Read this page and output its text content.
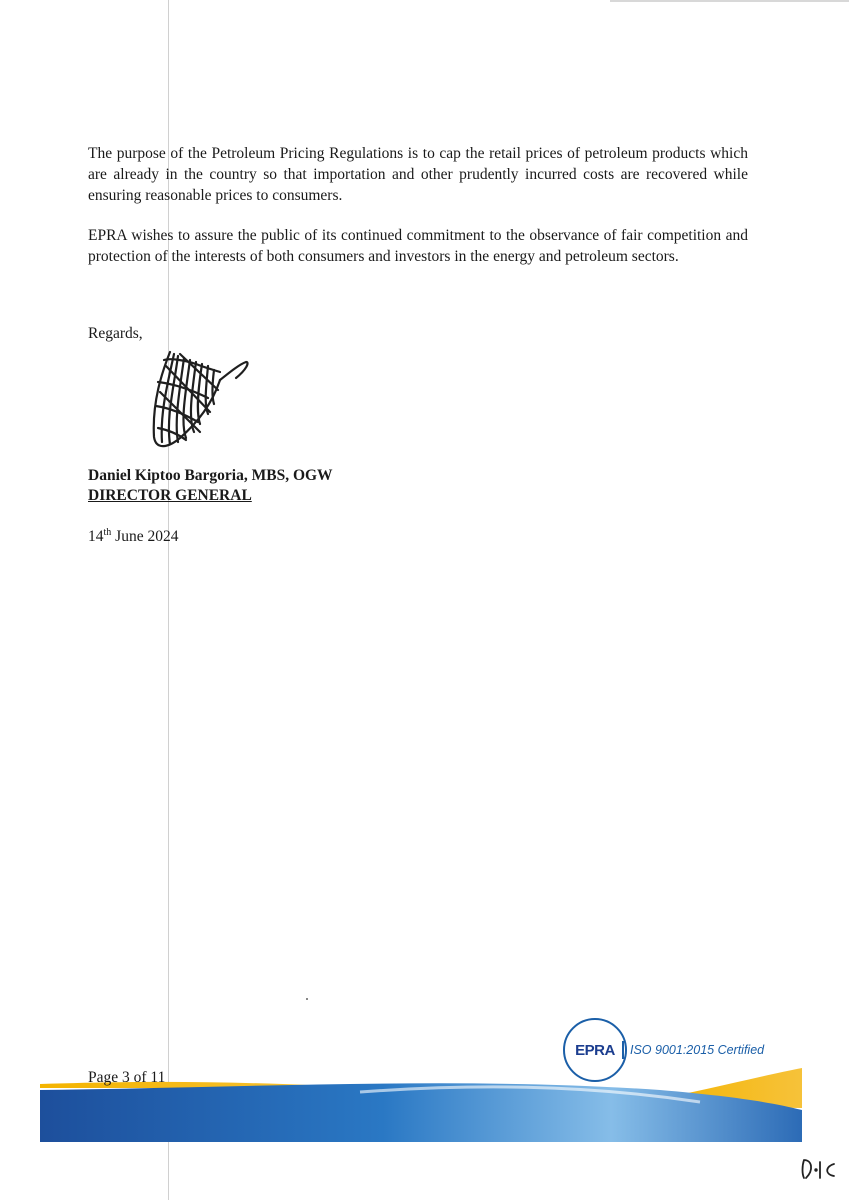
The purpose of the Petroleum Pricing Regulations is to cap the retail prices of petroleum products which are already in the country so that importation and other prudently incurred costs are recovered while ensuring reasonable prices to consumers.

EPRA wishes to assure the public of its continued commitment to the observance of fair competition and protection of the interests of both consumers and investors in the energy and petroleum sectors.

Regards,
Daniel Kiptoo Bargoria, MBS, OGW
DIRECTOR GENERAL
14th June 2024
Page 3 of 11
EPRA	ISO 9001:2015 Certified
